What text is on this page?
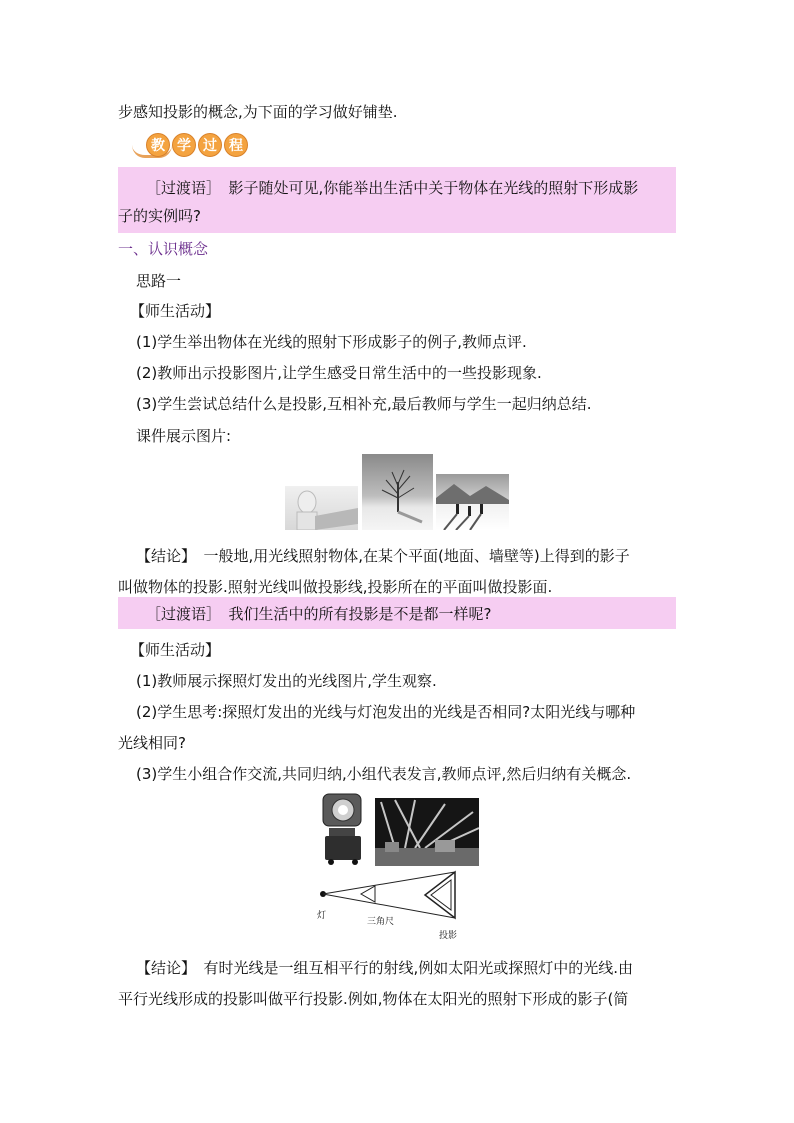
步感知投影的概念,为下面的学习做好铺垫.
教 学 过 程
［过渡语］　影子随处可见,你能举出生活中关于物体在光线的照射下形成影
子的实例吗?
一、认识概念
思路一
【师生活动】
(1)学生举出物体在光线的照射下形成影子的例子,教师点评.
(2)教师出示投影图片,让学生感受日常生活中的一些投影现象.
(3)学生尝试总结什么是投影,互相补充,最后教师与学生一起归纳总结.
课件展示图片:
【结论】　一般地,用光线照射物体,在某个平面(地面、墙壁等)上得到的影子
叫做物体的投影.照射光线叫做投影线,投影所在的平面叫做投影面.
［过渡语］　我们生活中的所有投影是不是都一样呢?
【师生活动】
(1)教师展示探照灯发出的光线图片,学生观察.
(2)学生思考:探照灯发出的光线与灯泡发出的光线是否相同?太阳光线与哪种
光线相同?
(3)学生小组合作交流,共同归纳,小组代表发言,教师点评,然后归纳有关概念.
灯
三角尺
投影
【结论】　有时光线是一组互相平行的射线,例如太阳光或探照灯中的光线.由
平行光线形成的投影叫做平行投影.例如,物体在太阳光的照射下形成的影子(简
